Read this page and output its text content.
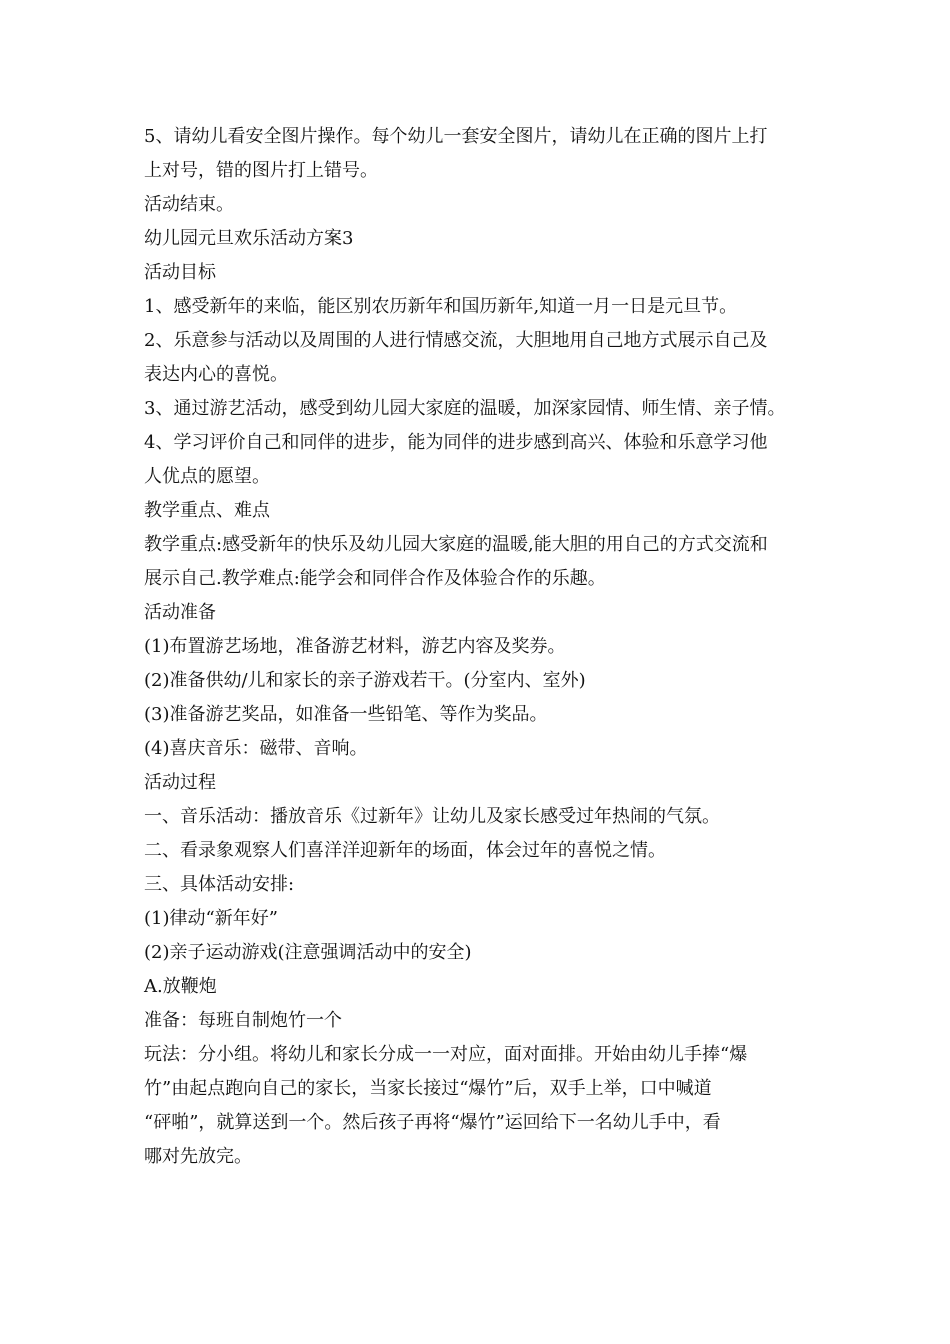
5、请幼儿看安全图片操作。每个幼儿一套安全图片，请幼儿在正确的图片上打
上对号，错的图片打上错号。
活动结束。
幼儿园元旦欢乐活动方案3
活动目标
1、感受新年的来临，能区别农历新年和国历新年,知道一月一日是元旦节。
2、乐意参与活动以及周围的人进行情感交流，大胆地用自己地方式展示自己及
表达内心的喜悦。
3、通过游艺活动，感受到幼儿园大家庭的温暖，加深家园情、师生情、亲子情。
4、学习评价自己和同伴的进步，能为同伴的进步感到高兴、体验和乐意学习他
人优点的愿望。
教学重点、难点
教学重点:感受新年的快乐及幼儿园大家庭的温暖,能大胆的用自己的方式交流和
展示自己.教学难点:能学会和同伴合作及体验合作的乐趣。
活动准备
(1)布置游艺场地，准备游艺材料，游艺内容及奖券。
(2)准备供幼/儿和家长的亲子游戏若干。(分室内、室外)
(3)准备游艺奖品，如准备一些铅笔、等作为奖品。
(4)喜庆音乐：磁带、音响。
活动过程
一、音乐活动：播放音乐《过新年》让幼儿及家长感受过年热闹的气氛。
二、看录象观察人们喜洋洋迎新年的场面，体会过年的喜悦之情。
三、具体活动安排:
(1)律动“新年好”
(2)亲子运动游戏(注意强调活动中的安全)
A.放鞭炮
准备：每班自制炮竹一个
玩法：分小组。将幼儿和家长分成一一对应，面对面排。开始由幼儿手捧“爆
竹”由起点跑向自己的家长，当家长接过“爆竹”后，双手上举，口中喊道
“砰啪”，就算送到一个。然后孩子再将“爆竹”运回给下一名幼儿手中，看
哪对先放完。
